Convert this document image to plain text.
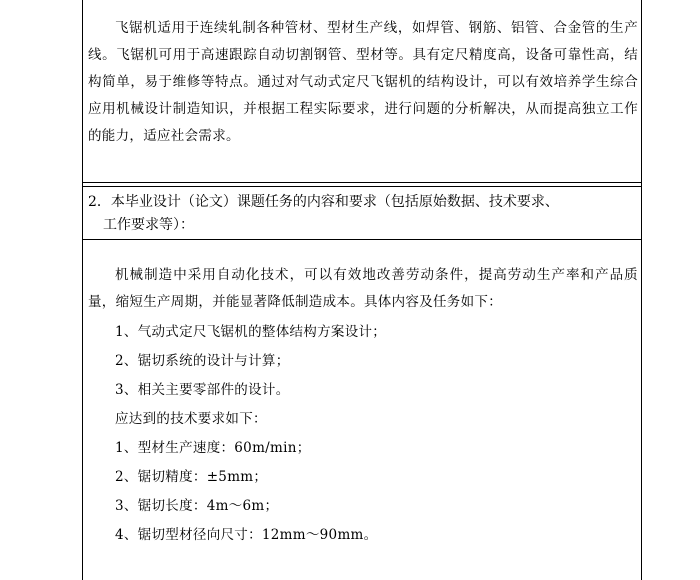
飞锯机适用于连续轧制各种管材、型材生产线，如焊管、钢筋、铝管、合金管的生产线。飞锯机可用于高速跟踪自动切割钢管、型材等。具有定尺精度高，设备可靠性高，结构简单，易于维修等特点。通过对气动式定尺飞锯机的结构设计，可以有效培养学生综合应用机械设计制造知识，并根据工程实际要求，进行问题的分析解决，从而提高独立工作的能力，适应社会需求。

2．本毕业设计（论文）课题任务的内容和要求（包括原始数据、技术要求、
工作要求等）：

机械制造中采用自动化技术，可以有效地改善劳动条件，提高劳动生产率和产品质量，缩短生产周期，并能显著降低制造成本。具体内容及任务如下：

1、气动式定尺飞锯机的整体结构方案设计；

2、锯切系统的设计与计算；

3、相关主要零部件的设计。

应达到的技术要求如下：

1、型材生产速度：60m/min；

2、锯切精度：±5mm；

3、锯切长度：4m～6m；

4、锯切型材径向尺寸：12mm～90mm。
